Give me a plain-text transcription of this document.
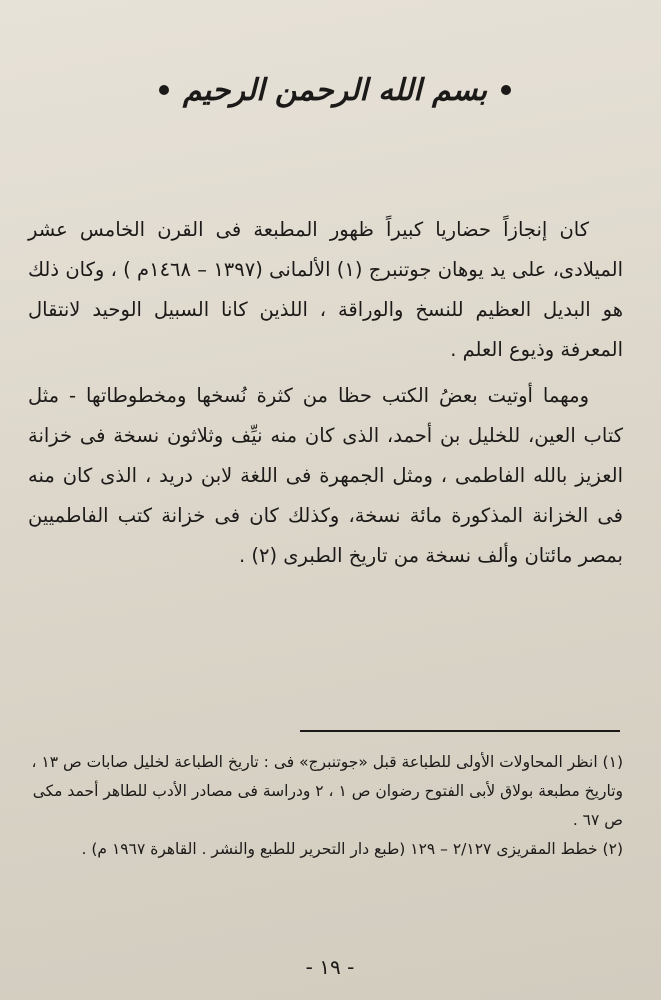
بسم الله الرحمن الرحيم

كان إنجازاً حضاريا كبيراً ظهور المطبعة فى القرن الخامس عشر الميلادى، على يد يوهان جوتنبرج (١) الألمانى (١٣٩٧ – ١٤٦٨م ) ، وكان ذلك هو البديل العظيم للنسخ والوراقة ، اللذين كانا السبيل الوحيد لانتقال المعرفة وذيوع العلم .

ومهما أوتيت بعضُ الكتب حظا من كثرة نُسخها ومخطوطاتها - مثل كتاب العين، للخليل بن أحمد، الذى كان منه نيِّف وثلاثون نسخة فى خزانة العزيز بالله الفاطمى ، ومثل الجمهرة فى اللغة لابن دريد ، الذى كان منه فى الخزانة المذكورة مائة نسخة، وكذلك كان فى خزانة كتب الفاطميين بمصر مائتان وألف نسخة من تاريخ الطبرى (٢) .

(١) انظر المحاولات الأولى للطباعة قبل «جوتنبرج» فى : تاريخ الطباعة لخليل صابات ص ١٣ ، وتاريخ مطبعة بولاق لأبى الفتوح رضوان ص ١ ، ٢ ودراسة فى مصادر الأدب للطاهر أحمد مكى ص ٦٧ .

(٢) خطط المقريزى ٢/١٢٧ – ١٢٩ (طبع دار التحرير للطبع والنشر . القاهرة ١٩٦٧ م) .

- ١٩ -
